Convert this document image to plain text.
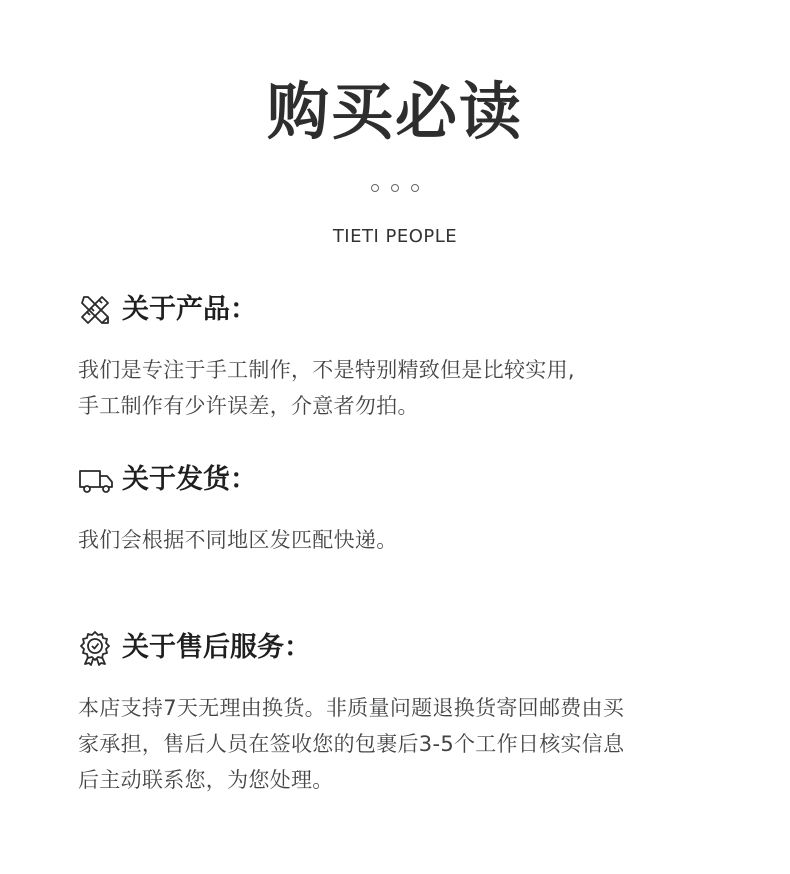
购买必读
TIETI PEOPLE
关于产品：
我们是专注于手工制作，不是特别精致但是比较实用,
手工制作有少许误差，介意者勿拍。
关于发货：
我们会根据不同地区发匹配快递。
关于售后服务：
本店支持7天无理由换货。非质量问题退换货寄回邮费由买
家承担，售后人员在签收您的包裹后3-5个工作日核实信息
后主动联系您，为您处理。
